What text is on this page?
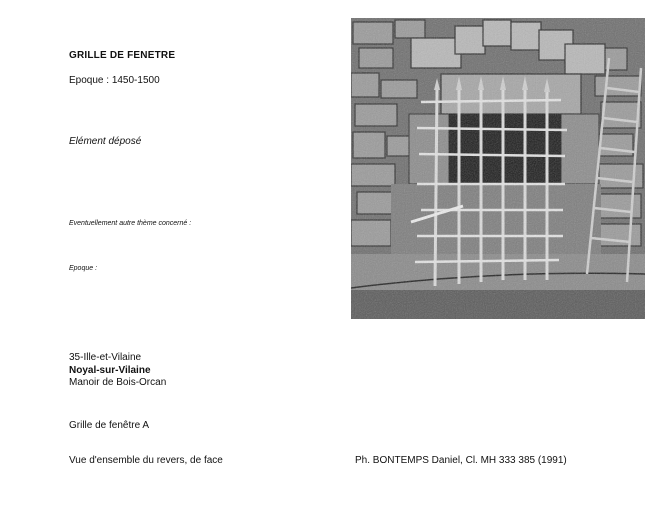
GRILLE DE FENETRE
Epoque : 1450-1500
Elément déposé
Eventuellement autre thème concerné :
Epoque :
35-Ille-et-Vilaine
Noyal-sur-Vilaine
Manoir de Bois-Orcan
Grille de fenêtre A
Vue d'ensemble du revers, de face	Ph. BONTEMPS Daniel, Cl. MH 333 385 (1991)
